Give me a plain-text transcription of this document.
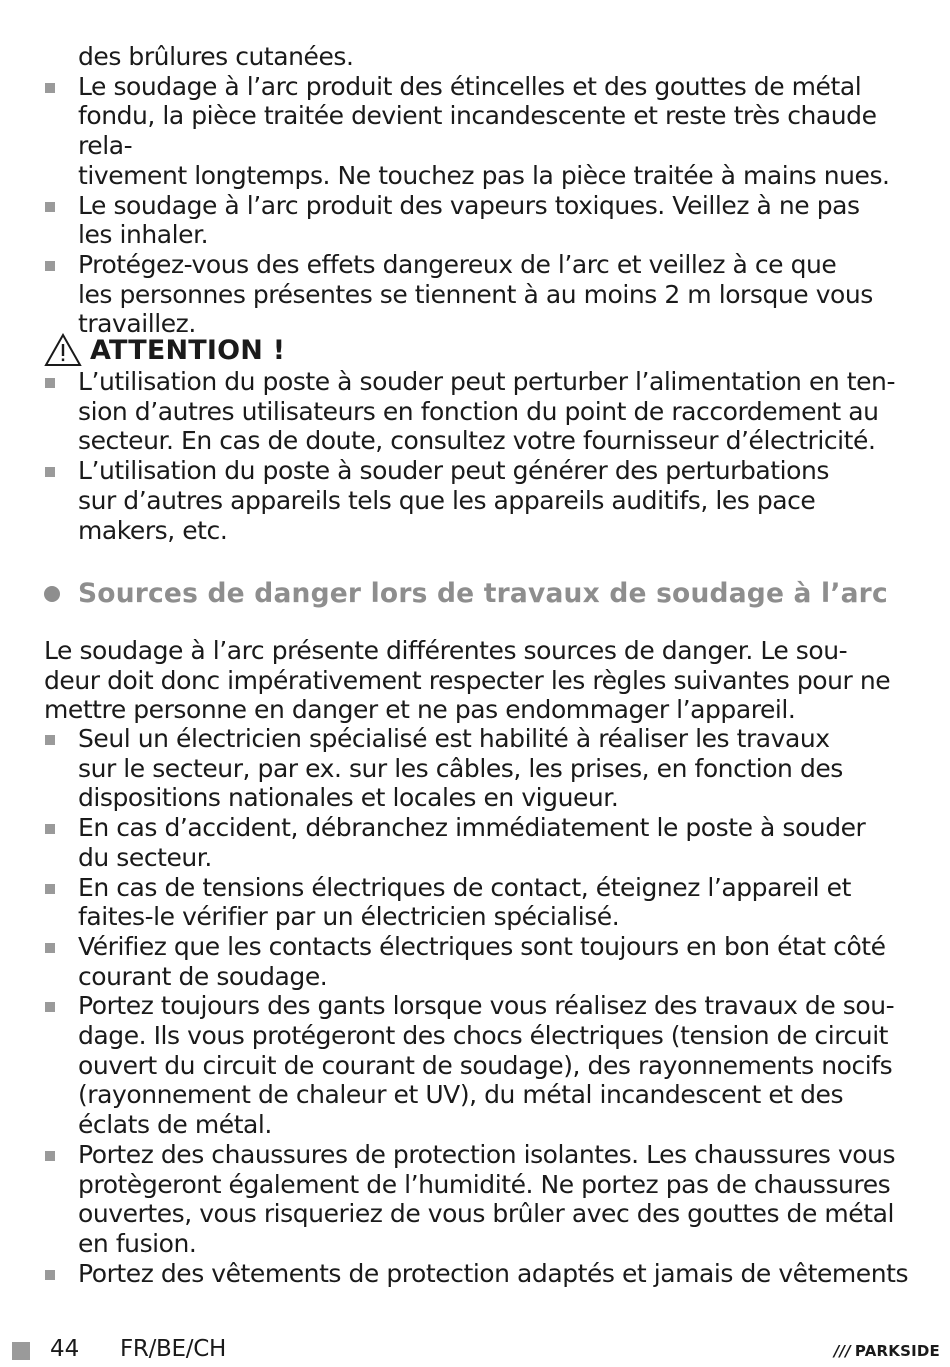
des brûlures cutanées.
Le soudage à l’arc produit des étincelles et des gouttes de métal
fondu, la pièce traitée devient incandescente et reste très chaude rela-
tivement longtemps. Ne touchez pas la pièce traitée à mains nues.
Le soudage à l’arc produit des vapeurs toxiques. Veillez à ne pas
les inhaler.
Protégez-vous des effets dangereux de l’arc et veillez à ce que
les personnes présentes se tiennent à au moins 2 m lorsque vous
travaillez.
ATTENTION !
L’utilisation du poste à souder peut perturber l’alimentation en ten-
sion d’autres utilisateurs en fonction du point de raccordement au
secteur. En cas de doute, consultez votre fournisseur d’électricité.
L’utilisation du poste à souder peut générer des perturbations
sur d’autres appareils tels que les appareils auditifs, les pace
makers, etc.
Sources de danger lors de travaux de soudage à l’arc
Le soudage à l’arc présente différentes sources de danger. Le sou-
deur doit donc impérativement respecter les règles suivantes pour ne
mettre personne en danger et ne pas endommager l’appareil.
Seul un électricien spécialisé est habilité à réaliser les travaux
sur le secteur, par ex. sur les câbles, les prises, en fonction des
dispositions nationales et locales en vigueur.
En cas d’accident, débranchez immédiatement le poste à souder
du secteur.
En cas de tensions électriques de contact, éteignez l’appareil et
faites-le vérifier par un électricien spécialisé.
Vérifiez que les contacts électriques sont toujours en bon état côté
courant de soudage.
Portez toujours des gants lorsque vous réalisez des travaux de sou-
dage. Ils vous protégeront des chocs électriques (tension de circuit
ouvert du circuit de courant de soudage), des rayonnements nocifs
(rayonnement de chaleur et UV), du métal incandescent et des
éclats de métal.
Portez des chaussures de protection isolantes. Les chaussures vous
protègeront également de l’humidité. Ne portez pas de chaussures
ouvertes, vous risqueriez de vous brûler avec des gouttes de métal
en fusion.
Portez des vêtements de protection adaptés et jamais de vêtements
44 FR/BE/CH	/// PARKSIDE
